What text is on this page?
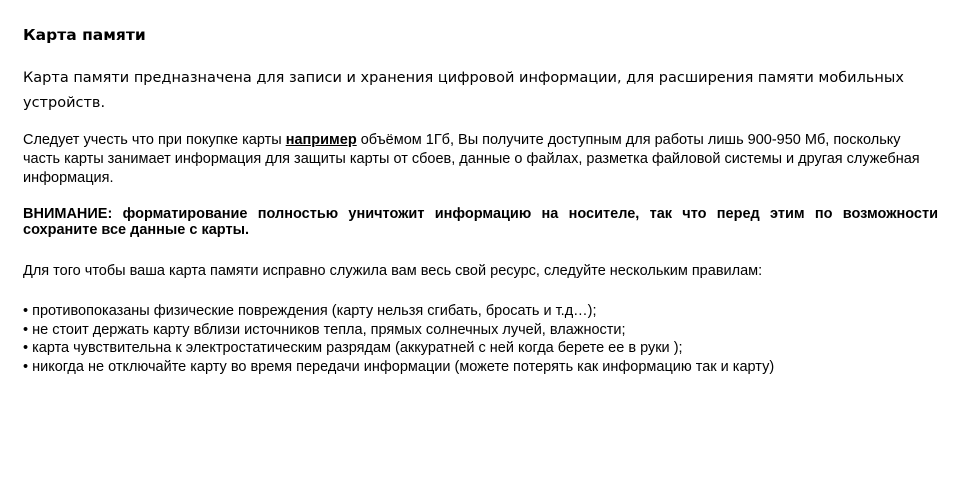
Карта памяти

Карта памяти предназначена для записи и хранения цифровой информации, для расширения памяти мобильных устройств.

Следует учесть что при покупке карты например объёмом 1Гб, Вы получите доступным для работы лишь 900-950 Мб, поскольку часть карты занимает информация для защиты карты от сбоев, данные о файлах, разметка файловой системы и другая служебная информация.

ВНИМАНИЕ: форматирование полностью уничтожит информацию на носителе, так что перед этим по возможности сохраните все данные с карты.

Для того чтобы ваша карта памяти исправно служила вам весь свой ресурс, следуйте нескольким правилам:

• противопоказаны физические повреждения (карту нельзя сгибать, бросать и т.д…);
• не стоит держать карту вблизи источников тепла, прямых солнечных лучей, влажности;
• карта чувствительна к электростатическим разрядам (аккуратней с ней когда берете ее в руки );
• никогда не отключайте карту во время передачи информации (можете потерять как информацию так и карту)
